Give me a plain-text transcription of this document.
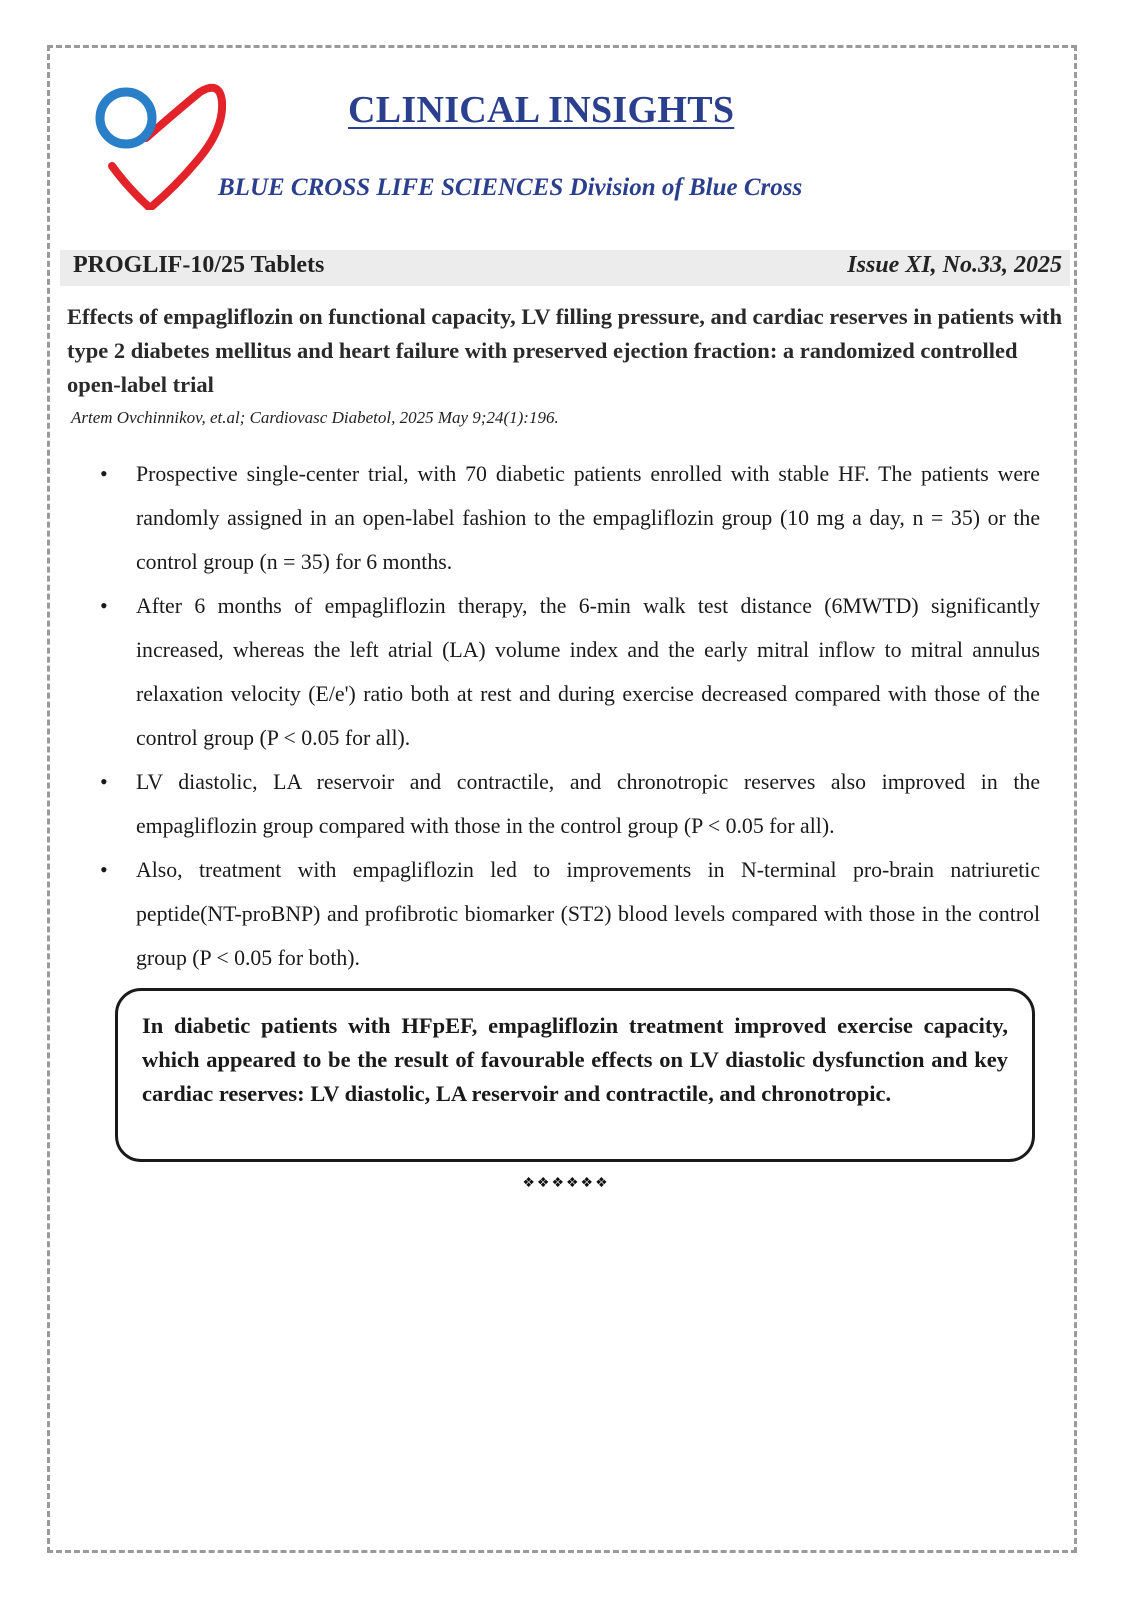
CLINICAL INSIGHTS

BLUE CROSS LIFE SCIENCES Division of Blue Cross

PROGLIF-10/25 Tablets	Issue XI, No.33, 2025

Effects of empagliflozin on functional capacity, LV filling pressure, and cardiac reserves in patients with type 2 diabetes mellitus and heart failure with preserved ejection fraction: a randomized controlled open-label trial

Artem Ovchinnikov, et.al; Cardiovasc Diabetol, 2025 May 9;24(1):196.

• Prospective single-center trial, with 70 diabetic patients enrolled with stable HF. The patients were randomly assigned in an open-label fashion to the empagliflozin group (10 mg a day, n = 35) or the control group (n = 35) for 6 months.
• After 6 months of empagliflozin therapy, the 6-min walk test distance (6MWTD) significantly increased, whereas the left atrial (LA) volume index and the early mitral inflow to mitral annulus relaxation velocity (E/e') ratio both at rest and during exercise decreased compared with those of the control group (P < 0.05 for all).
• LV diastolic, LA reservoir and contractile, and chronotropic reserves also improved in the empagliflozin group compared with those in the control group (P < 0.05 for all).
• Also, treatment with empagliflozin led to improvements in N-terminal pro-brain natriuretic peptide(NT-proBNP) and profibrotic biomarker (ST2) blood levels compared with those in the control group (P < 0.05 for both).

In diabetic patients with HFpEF, empagliflozin treatment improved exercise capacity, which appeared to be the result of favourable effects on LV diastolic dysfunction and key cardiac reserves: LV diastolic, LA reservoir and contractile, and chronotropic.

❖❖❖❖❖❖
